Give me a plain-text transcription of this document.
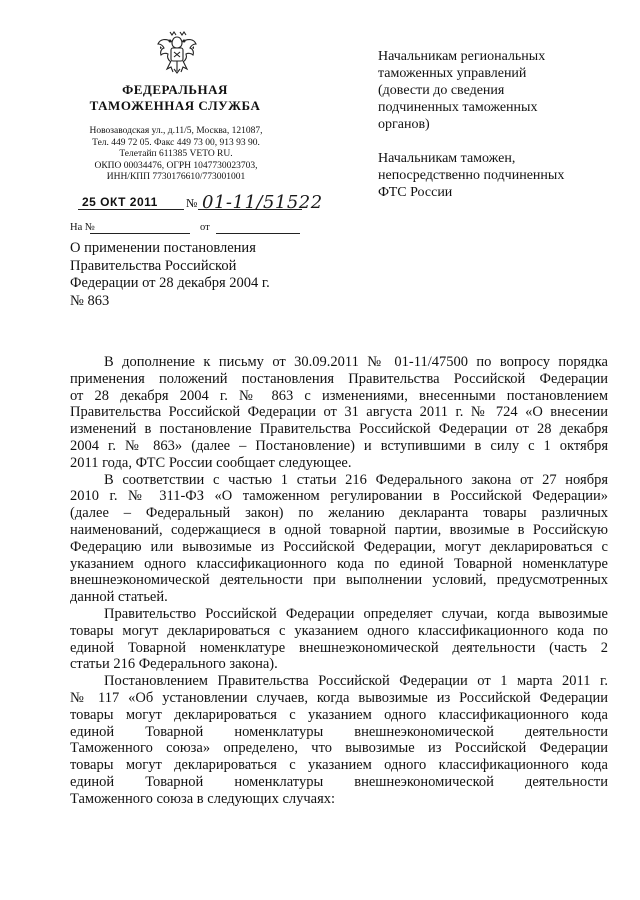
ФЕДЕРАЛЬНАЯ
ТАМОЖЕННАЯ СЛУЖБА
Новозаводская ул., д.11/5, Москва, 121087,
Тел. 449 72 05. Факс 449 73 00, 913 93 90.
Телетайп 611385 VETO RU.
ОКПО 00034476, ОГРН 1047730023703,
ИНН/КПП 7730176610/773001001
25 ОКТ 2011 № 01-11/51522
На №	от
О применении постановления
Правительства Российской
Федерации от 28 декабря 2004 г.
№ 863
Начальникам региональных
таможенных управлений
(довести до сведения
подчиненных таможенных
органов)
Начальникам таможен,
непосредственно подчиненных
ФТС России
В дополнение к письму от 30.09.2011 № 01-11/47500 по вопросу порядка
применения положений постановления Правительства Российской Федерации
от 28 декабря 2004 г. № 863 с изменениями, внесенными постановлением
Правительства Российской Федерации от 31 августа 2011 г. № 724 «О внесении
изменений в постановление Правительства Российской Федерации от 28 декабря
2004 г. № 863» (далее – Постановление) и вступившими в силу с 1 октября
2011 года, ФТС России сообщает следующее.
В соответствии с частью 1 статьи 216 Федерального закона от 27 ноября
2010 г. № 311-ФЗ «О таможенном регулировании в Российской Федерации»
(далее – Федеральный закон) по желанию декларанта товары различных
наименований, содержащиеся в одной товарной партии, ввозимые в Российскую
Федерацию или вывозимые из Российской Федерации, могут декларироваться с
указанием одного классификационного кода по единой Товарной номенклатуре
внешнеэкономической деятельности при выполнении условий, предусмотренных
данной статьей.
Правительство Российской Федерации определяет случаи, когда вывозимые
товары могут декларироваться с указанием одного классификационного кода по
единой Товарной номенклатуре внешнеэкономической деятельности (часть 2
статьи 216 Федерального закона).
Постановлением Правительства Российской Федерации от 1 марта 2011 г.
№ 117 «Об установлении случаев, когда вывозимые из Российской Федерации
товары могут декларироваться с указанием одного классификационного кода
единой Товарной номенклатуры внешнеэкономической деятельности
Таможенного союза» определено, что вывозимые из Российской Федерации
товары могут декларироваться с указанием одного классификационного кода
единой Товарной номенклатуры внешнеэкономической деятельности
Таможенного союза в следующих случаях:
